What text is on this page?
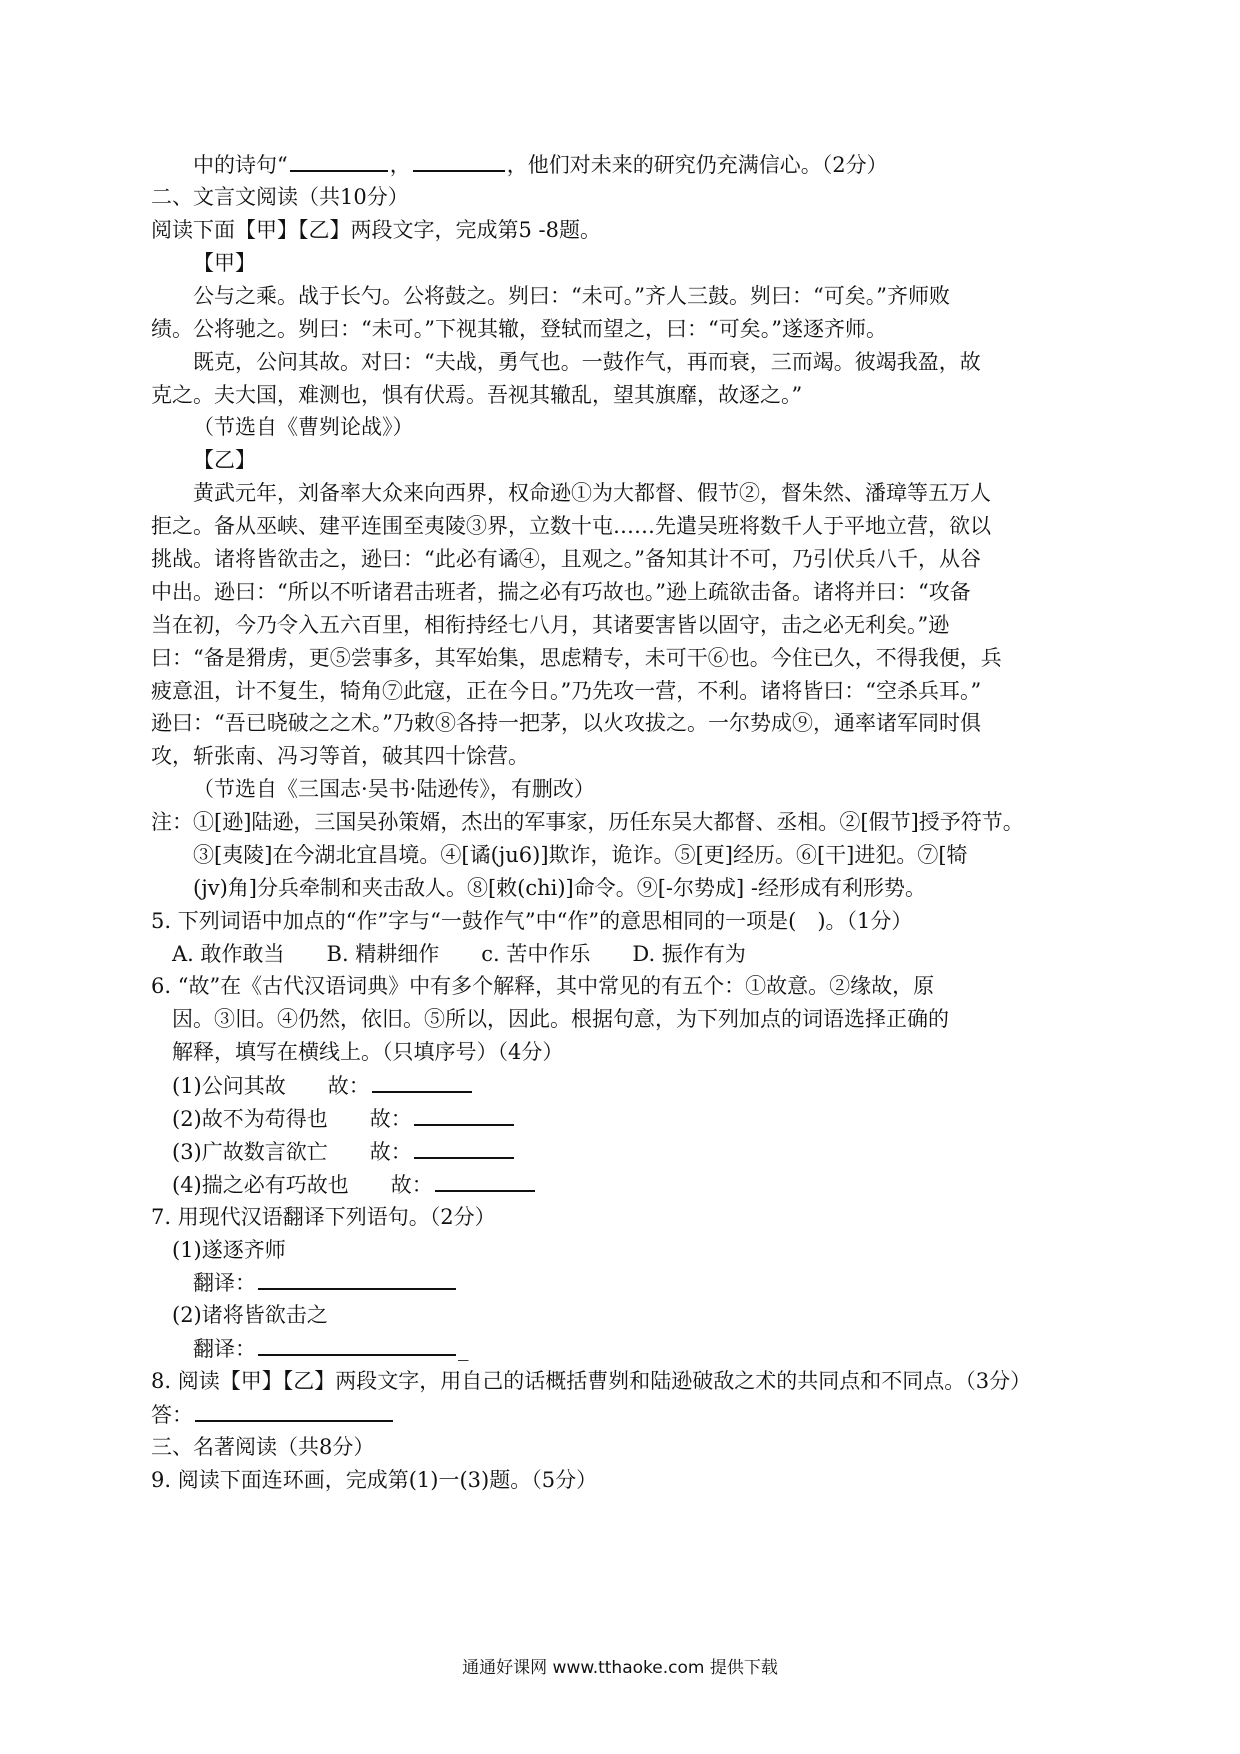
中的诗句“	，	，他们对未来的研究仍充满信心。（2分）
二、文言文阅读（共10分）
阅读下面【甲】【乙】两段文字，完成第5 -8题。
【甲】
公与之乘。战于长勺。公将鼓之。刿曰：“未可。”齐人三鼓。刿曰：“可矣。”齐师败
绩。公将驰之。刿曰：“未可。”下视其辙，登轼而望之，曰：“可矣。”遂逐齐师。
既克，公问其故。对曰：“夫战，勇气也。一鼓作气，再而衰，三而竭。彼竭我盈，故
克之。夫大国，难测也，惧有伏焉。吾视其辙乱，望其旗靡，故逐之。”
（节选自《曹刿论战》）
【乙】
黄武元年，刘备率大众来向西界，权命逊①为大都督、假节②，督朱然、潘璋等五万人
拒之。备从巫峡、建平连围至夷陵③界，立数十屯……先遣吴班将数千人于平地立营，欲以
挑战。诸将皆欲击之，逊曰：“此必有谲④，且观之。”备知其计不可，乃引伏兵八千，从谷
中出。逊曰：“所以不听诸君击班者，揣之必有巧故也。”逊上疏欲击备。诸将并曰：“攻备
当在初，今乃令入五六百里，相衔持经七八月，其诸要害皆以固守，击之必无利矣。”逊
曰：“备是猾虏，更⑤尝事多，其军始集，思虑精专，未可干⑥也。今住已久，不得我便，兵
疲意沮，计不复生，犄角⑦此寇，正在今日。”乃先攻一营，不利。诸将皆曰：“空杀兵耳。”
逊曰：“吾已晓破之之术。”乃敕⑧各持一把茅，以火攻拔之。一尔势成⑨，通率诸军同时俱
攻，斩张南、冯习等首，破其四十馀营。
（节选自《三国志·吴书·陆逊传》，有删改）
注：①[逊]陆逊，三国吴孙策婿，杰出的军事家，历任东吴大都督、丞相。②[假节]授予符节。
③[夷陵]在今湖北宜昌境。④[谲(ju6)]欺诈，诡诈。⑤[更]经历。⑥[干]进犯。⑦[犄
(jv)角]分兵牵制和夹击敌人。⑧[敕(chi)]命令。⑨[-尔势成] -经形成有利形势。
5. 下列词语中加点的“作”字与“一鼓作气”中“作”的意思相同的一项是(　)。（1分）
A. 敢作敢当　　B. 精耕细作　　c. 苦中作乐　　D. 振作有为
6. “故”在《古代汉语词典》中有多个解释，其中常见的有五个：①故意。②缘故，原
因。③旧。④仍然，依旧。⑤所以，因此。根据句意，为下列加点的词语选择正确的
解释，填写在横线上。（只填序号）（4分）
(1)公问其故　　故：
(2)故不为苟得也　　故：
(3)广故数言欲亡　　故：
(4)揣之必有巧故也　　故：
7. 用现代汉语翻译下列语句。（2分）
(1)遂逐齐师
翻译：
(2)诸将皆欲击之
翻译：	_
8. 阅读【甲】【乙】两段文字，用自己的话概括曹刿和陆逊破敌之术的共同点和不同点。（3分）
答：
三、名著阅读（共8分）
9. 阅读下面连环画，完成第(1)一(3)题。（5分）
通通好课网 www.tthaoke.com 提供下载
